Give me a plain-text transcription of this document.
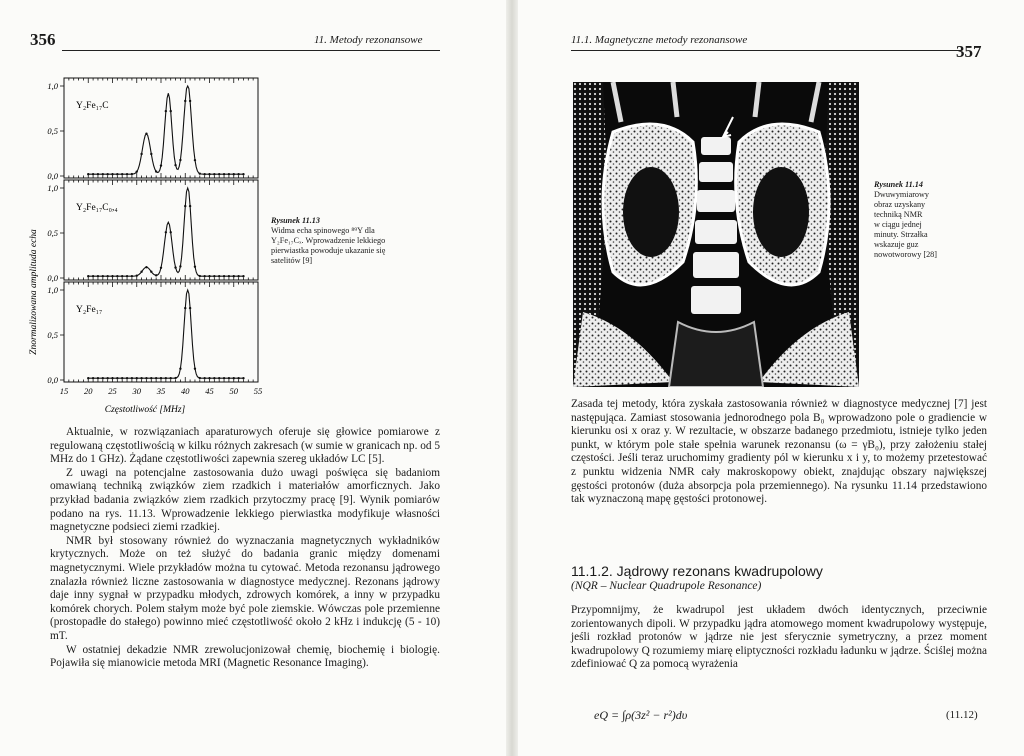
356	11. Metody rezonansowe
1,0
0,5
0,0
Y₂Fe₁₇C
1,0
0,5
0,0
Y₂Fe₁₇C₀,₄
1,0
0,5
0,0
Y₂Fe₁₇
Znormalizowana amplituda echa
Częstotliwość [MHz]
15 20 25 30 35 40 45 50 55
Rysunek 11.13
Widma echa spinowego ⁸⁹Y dla
Y₂Fe₁₇Cₓ. Wprowadzenie lekkiego
pierwiastka powoduje ukazanie się
satelitów [9]

Aktualnie, w rozwiązaniach aparaturowych oferuje się głowice pomiarowe z regulowaną częstotliwością w kilku różnych zakresach (w sumie w granicach np. od 5 MHz do 1 GHz). Żądane częstotliwości zapewnia szereg układów LC [5].

Z uwagi na potencjalne zastosowania dużo uwagi poświęca się badaniom omawianą techniką związków ziem rzadkich i materiałów amorficznych. Jako przykład badania związków ziem rzadkich przytoczmy pracę [9]. Wynik pomiarów podano na rys. 11.13. Wprowadzenie lekkiego pierwiastka modyfikuje własności magnetyczne podsieci ziemi rzadkiej.

NMR był stosowany również do wyznaczania magnetycznych wykładników krytycznych. Może on też służyć do badania granic między domenami magnetycznymi. Wiele przykładów można tu cytować. Metoda rezonansu jądrowego znalazła również liczne zastosowania w diagnostyce medycznej. Rezonans jądrowy daje inny sygnał w przypadku młodych, zdrowych komórek, a inny w przypadku komórek chorych. Polem stałym może być pole ziemskie. Wówczas pole przemienne (prostopadłe do stałego) powinno mieć częstotliwość około 2 kHz i indukcję (5 - 10) mT.

W ostatniej dekadzie NMR zrewolucjonizował chemię, biochemię i biologię. Pojawiła się mianowicie metoda MRI (Magnetic Resonance Imaging).

11.1. Magnetyczne metody rezonansowe
357
Rysunek 11.14
Dwuwymiarowy
obraz uzyskany
techniką NMR
w ciągu jednej
minuty. Strzałka
wskazuje guz
nowotworowy [28]

Zasada tej metody, która zyskała zastosowania również w diagnostyce medycznej [7] jest następująca. Zamiast stosowania jednorodnego pola B₀ wprowadzono pole o gradiencie w kierunku osi x oraz y. W rezultacie, w obszarze badanego przedmiotu, istnieje tylko jeden punkt, w którym pole stałe spełnia warunek rezonansu (ω = γB₀), przy założeniu stałej częstości. Jeśli teraz uruchomimy gradienty pól w kierunku x i y, to możemy przetestować z punktu widzenia NMR cały makroskopowy obiekt, znajdując obszary największej gęstości protonów (duża absorpcja pola przemiennego). Na rysunku 11.14 przedstawiono tak wyznaczoną mapę gęstości protonowej.

11.1.2. Jądrowy rezonans kwadrupolowy
(NQR – Nuclear Quadrupole Resonance)

Przypomnijmy, że kwadrupol jest układem dwóch identycznych, przeciwnie zorientowanych dipoli. W przypadku jądra atomowego moment kwadrupolowy występuje, jeśli rozkład protonów w jądrze nie jest sferycznie symetryczny, a przez moment kwadrupolowy Q rozumiemy miarę eliptyczności rozkładu ładunku w jądrze. Ściślej można zdefiniować Q za pomocą wyrażenia

eQ = ∫ρ(3z² − r²)dυ	(11.12)
